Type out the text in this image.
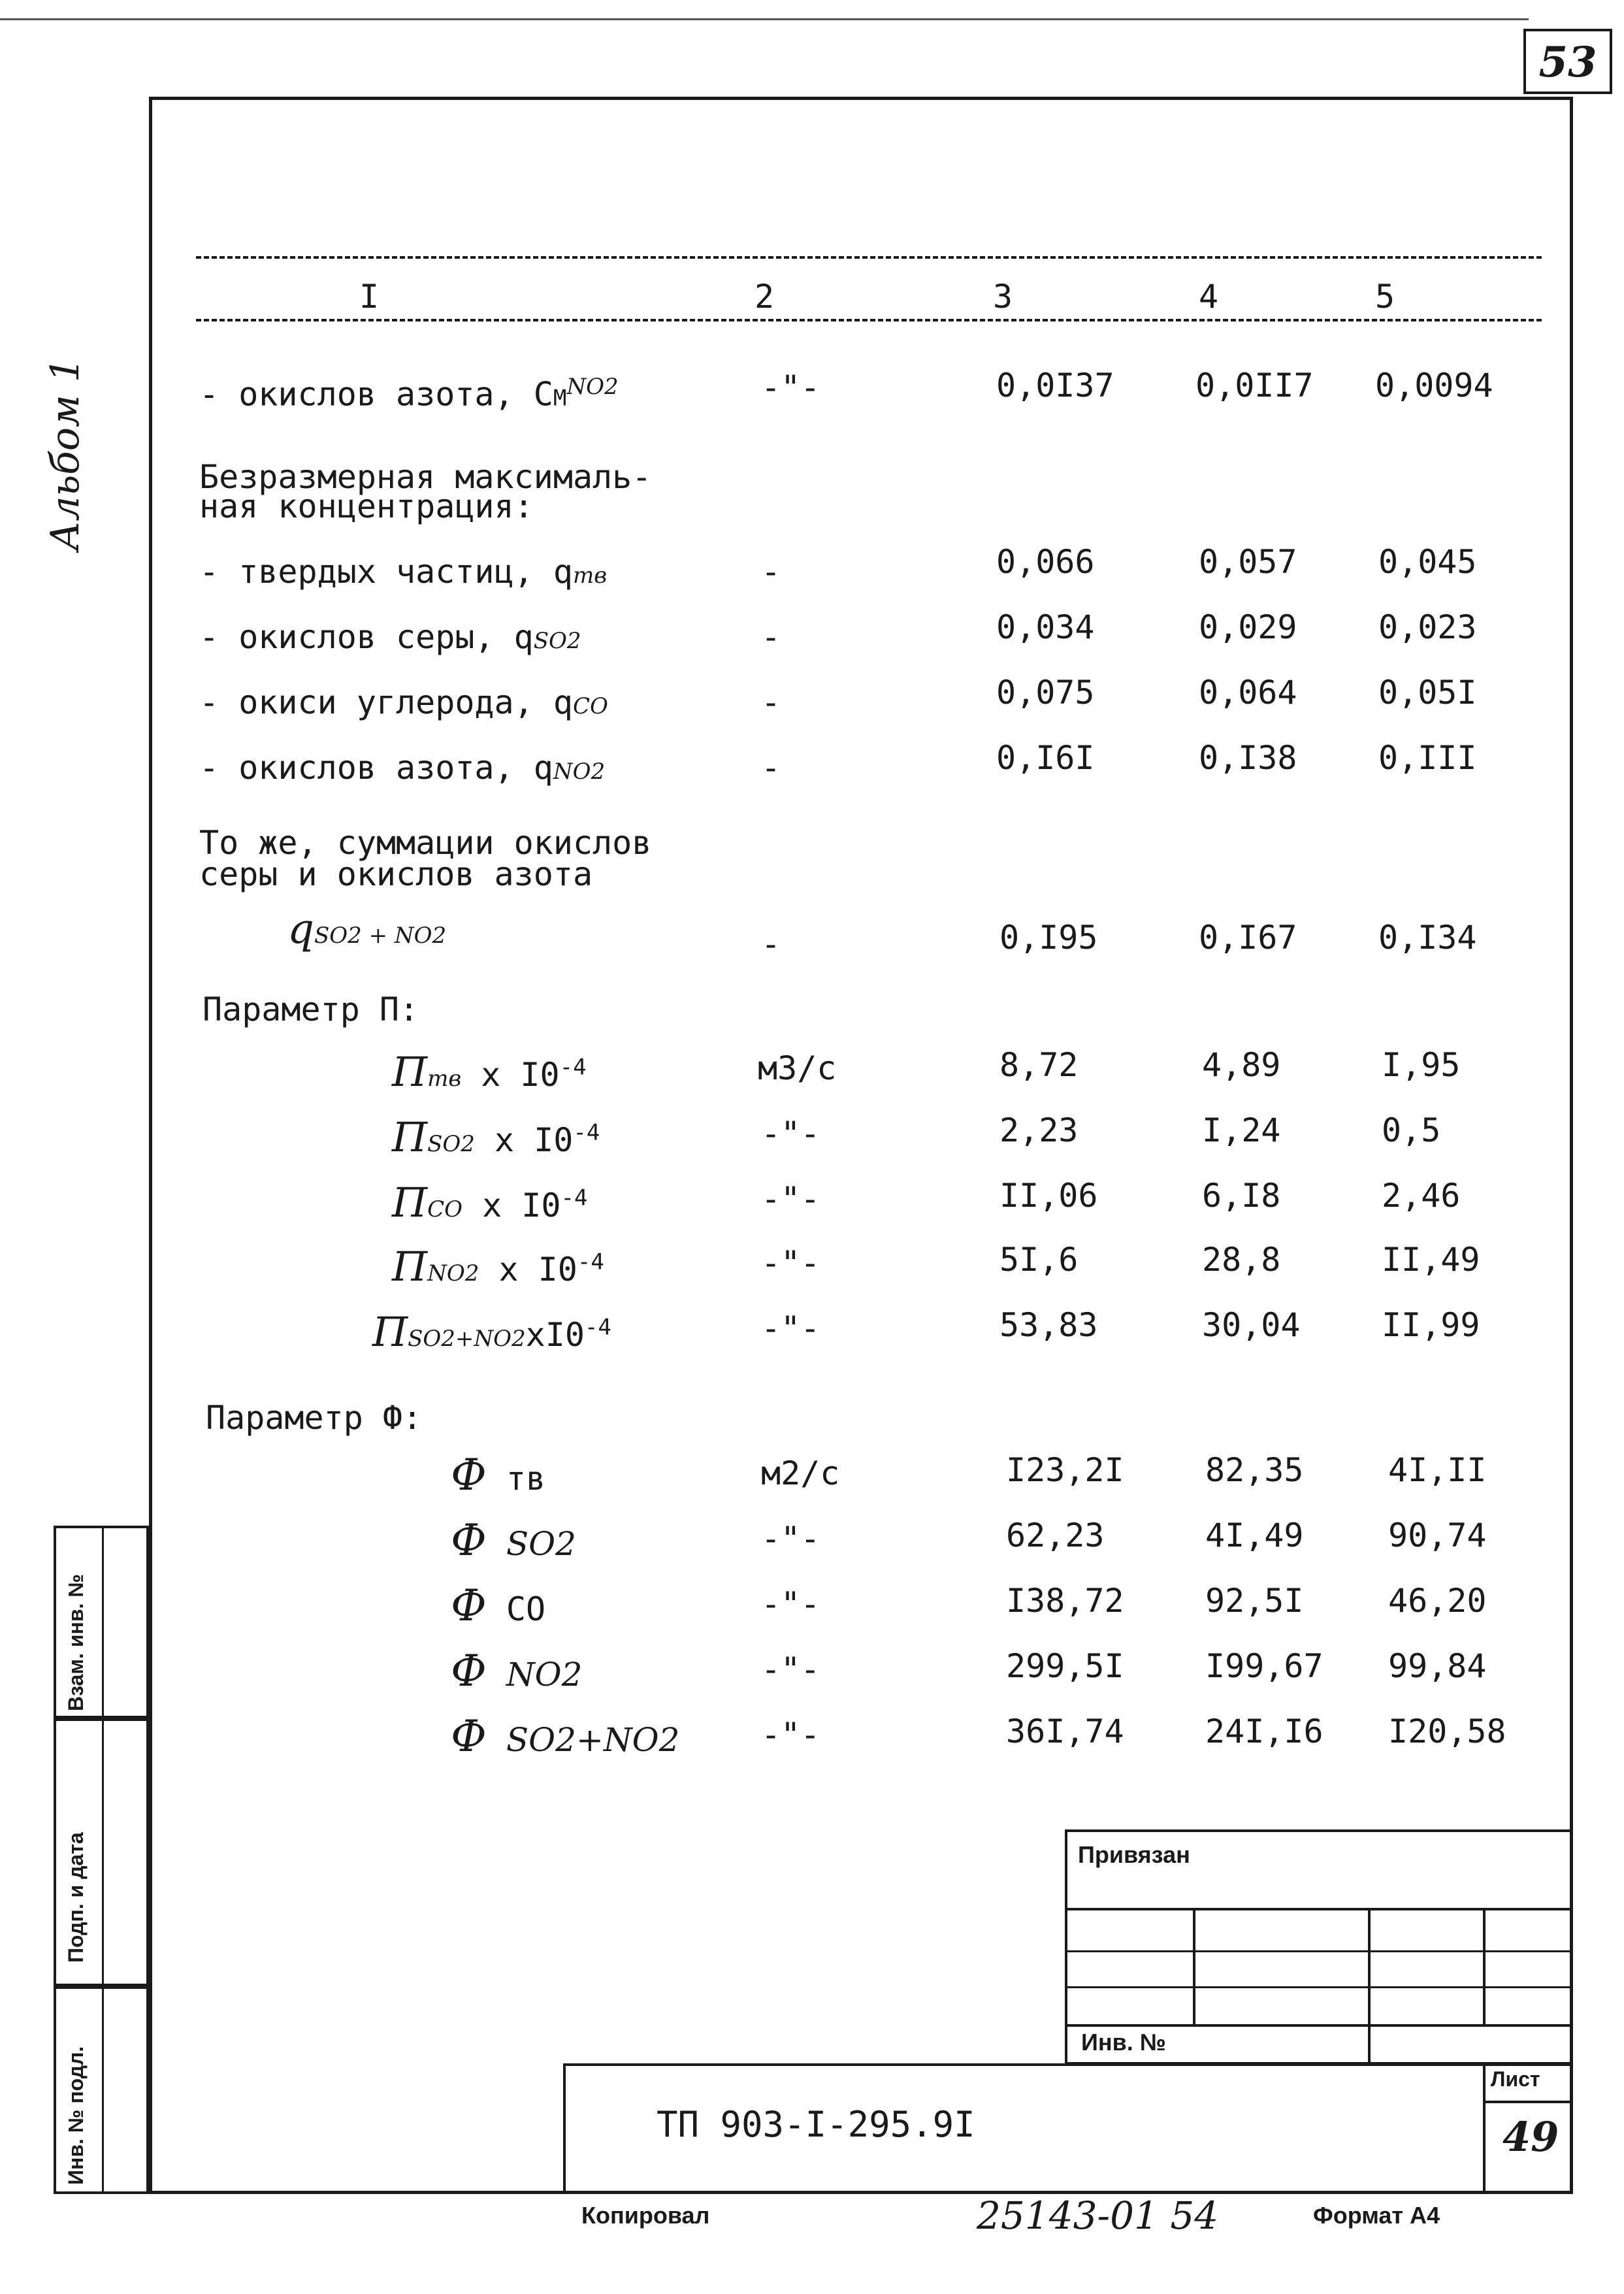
53
Альбом 1
I	2	3	4	5
- окислов азота, $CМ^{NO2}$	-"-	0,0I37 0,0II7 0,0094
Безразмерная максималь-
ная концентрация:
- твердых частиц, qтв	-	0,066	0,057 0,045
- окислов серы, qSO2	-	0,034	0,029 0,023
- окиси углерода, qCO	-	0,075	0,064 0,05I
- окислов азота, qNO2	-	0,I6I	0,I38 0,III
То же, суммации окислов
серы и окислов азота
qSO2 + NO2	-	0,I95	0,I67 0,I34
Параметр П:
Птв x $I0^{-4}$	м3/с	8,72	4,89	I,95
ПSO2 x $I0^{-4}$	-"-	2,23	I,24	0,5
ПCO x $I0^{-4}$	-"-	II,06	6,I8	2,46
ПNO2 x $I0^{-4}$	-"-	5I,6	28,8	II,49
$ПSO2+NO2xI0^{-4}$	-"-	53,83	30,04 II,99
Параметр Ф:
Ф тв	м2/с	I23,2I 82,35	4I,II
Ф SO2	-"-	62,23	4I,49	90,74
Ф CO	-"-	I38,72 92,5I	46,20
Ф NO2	-"-	299,5I I99,67 99,84
Ф SO2+NO2 -"-	36I,74 24I,I6 I20,58
Взам. инв. №
Подп. и дата
Инв. № подл.
Привязан
Инв. №
Лист
49
ТП 903-I-295.9I
Копировал	25143-01 54	Формат А4
